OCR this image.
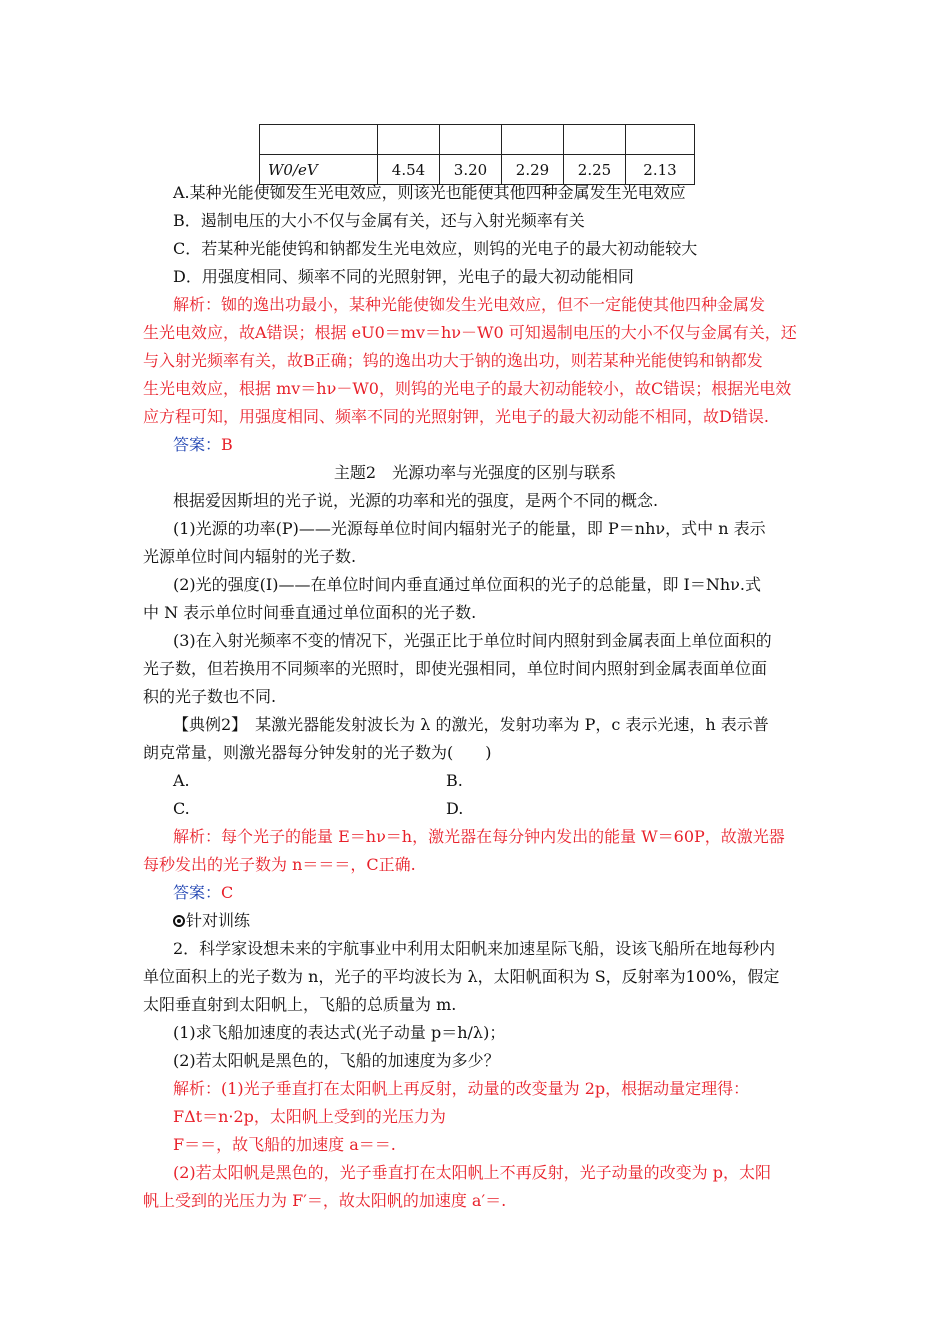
W0/eV	4.54	3.20	2.29	2.25	2.13
A.某种光能使铷发生光电效应，则该光也能使其他四种金属发生光电效应
B．遏制电压的大小不仅与金属有关，还与入射光频率有关
C．若某种光能使钨和钠都发生光电效应，则钨的光电子的最大初动能较大
D．用强度相同、频率不同的光照射钾，光电子的最大初动能相同
解析：铷的逸出功最小，某种光能使铷发生光电效应，但不一定能使其他四种金属发
生光电效应，故A错误；根据 eU0＝mv＝hν－W0 可知遏制电压的大小不仅与金属有关，还
与入射光频率有关，故B正确；钨的逸出功大于钠的逸出功，则若某种光能使钨和钠都发
生光电效应，根据 mv＝hν－W0，则钨的光电子的最大初动能较小，故C错误；根据光电效
应方程可知，用强度相同、频率不同的光照射钾，光电子的最大初动能不相同，故D错误.
答案：B
主题2　光源功率与光强度的区别与联系
根据爱因斯坦的光子说，光源的功率和光的强度，是两个不同的概念.
(1)光源的功率(P)——光源每单位时间内辐射光子的能量，即 P＝nhν，式中 n 表示
光源单位时间内辐射的光子数.
(2)光的强度(I)——在单位时间内垂直通过单位面积的光子的总能量，即 I＝Nhν.式
中 N 表示单位时间垂直通过单位面积的光子数.
(3)在入射光频率不变的情况下，光强正比于单位时间内照射到金属表面上单位面积的
光子数，但若换用不同频率的光照时，即使光强相同，单位时间内照射到金属表面单位面
积的光子数也不同.
【典例2】　某激光器能发射波长为 λ 的激光，发射功率为 P，c 表示光速，h 表示普
朗克常量，则激光器每分钟发射的光子数为(　　)
A.	B.
C.	D.
解析：每个光子的能量 E＝hν＝h，激光器在每分钟内发出的能量 W＝60P，故激光器
每秒发出的光子数为 n＝＝＝，C正确.
答案：C
针对训练
2．科学家设想未来的宇航事业中利用太阳帆来加速星际飞船，设该飞船所在地每秒内
单位面积上的光子数为 n，光子的平均波长为 λ，太阳帆面积为 S，反射率为100%，假定
太阳垂直射到太阳帆上，飞船的总质量为 m.
(1)求飞船加速度的表达式(光子动量 p＝h/λ)；
(2)若太阳帆是黑色的，飞船的加速度为多少？
解析：(1)光子垂直打在太阳帆上再反射，动量的改变量为 2p，根据动量定理得：
FΔt＝n·2p，太阳帆上受到的光压力为
F＝＝，故飞船的加速度 a＝＝.
(2)若太阳帆是黑色的，光子垂直打在太阳帆上不再反射，光子动量的改变为 p，太阳
帆上受到的光压力为 F′＝，故太阳帆的加速度 a′＝.
